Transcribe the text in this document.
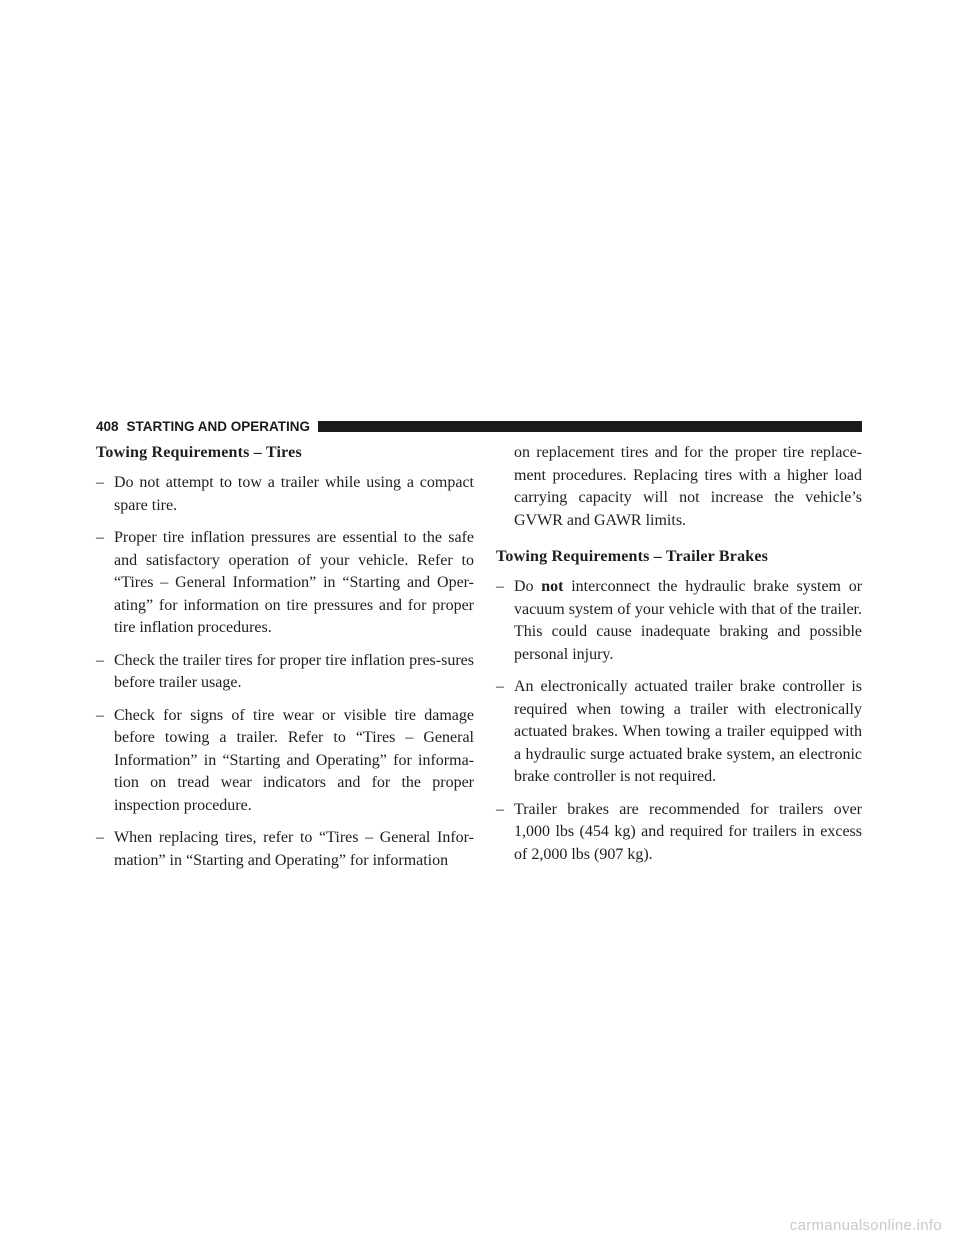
408 STARTING AND OPERATING
Towing Requirements – Tires
– Do not attempt to tow a trailer while using a compact spare tire.
– Proper tire inflation pressures are essential to the safe and satisfactory operation of your vehicle. Refer to “Tires – General Information” in “Starting and Oper-ating” for information on tire pressures and for proper tire inflation procedures.
– Check the trailer tires for proper tire inflation pres-sures before trailer usage.
– Check for signs of tire wear or visible tire damage before towing a trailer. Refer to “Tires – General Information” in “Starting and Operating” for informa-tion on tread wear indicators and for the proper inspection procedure.
– When replacing tires, refer to “Tires – General Infor-mation” in “Starting and Operating” for information
on replacement tires and for the proper tire replace-ment procedures. Replacing tires with a higher load carrying capacity will not increase the vehicle’s GVWR and GAWR limits.
Towing Requirements – Trailer Brakes
– Do not interconnect the hydraulic brake system or vacuum system of your vehicle with that of the trailer. This could cause inadequate braking and possible personal injury.
– An electronically actuated trailer brake controller is required when towing a trailer with electronically actuated brakes. When towing a trailer equipped with a hydraulic surge actuated brake system, an electronic brake controller is not required.
– Trailer brakes are recommended for trailers over 1,000 lbs (454 kg) and required for trailers in excess of 2,000 lbs (907 kg).
carmanualsonline.info
